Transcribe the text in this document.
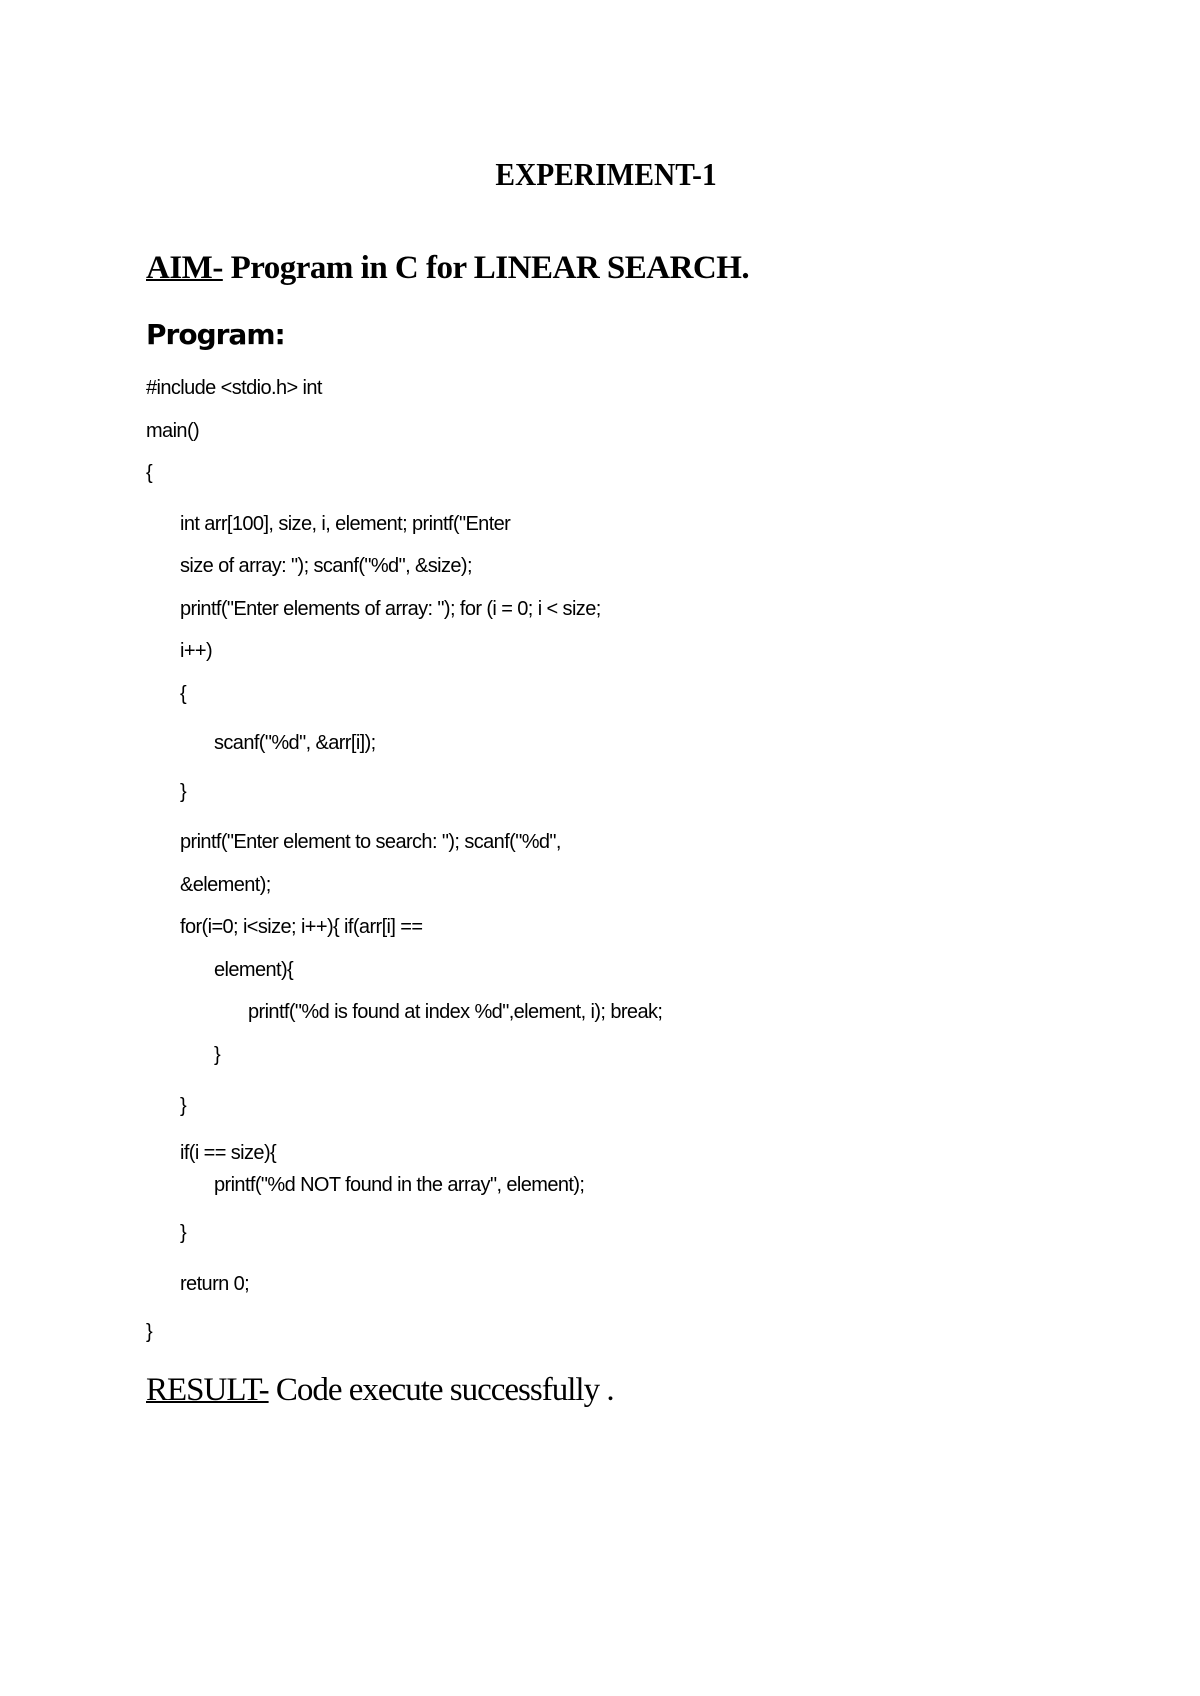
EXPERIMENT-1
AIM- Program in C for LINEAR SEARCH.
Program:
#include <stdio.h> int
main()
{
int arr[100], size, i, element; printf("Enter
size of array: "); scanf("%d", &size);
printf("Enter elements of array: "); for (i = 0; i < size;
i++)
{
scanf("%d", &arr[i]);
}
printf("Enter element to search: "); scanf("%d",
&element);
for(i=0; i<size; i++){ if(arr[i] ==
element){
printf("%d is found at index %d",element, i); break;
}
}
if(i == size){
printf("%d NOT found in the array", element);
}
return 0;
}
RESULT- Code execute successfully .
